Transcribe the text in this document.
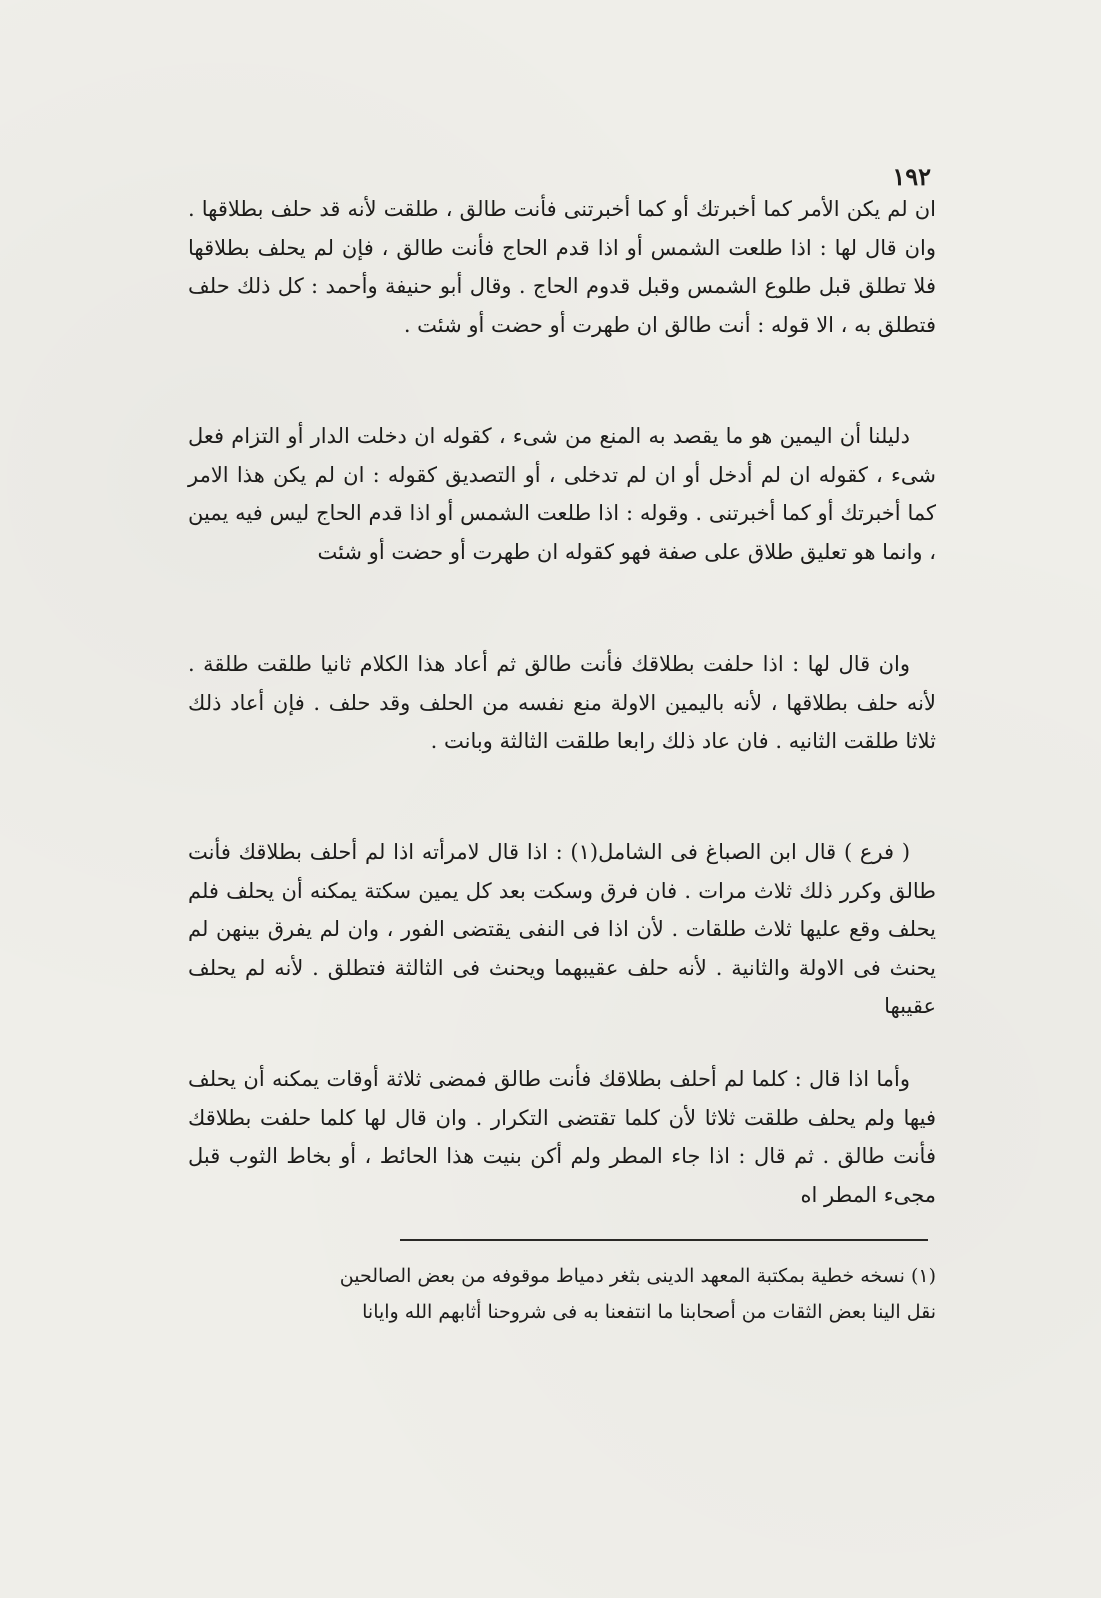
١٩٢

ان لم يكن الأمر كما أخبرتك أو كما أخبرتنى فأنت طالق ، طلقت لأنه قد حلف بطلاقها . وان قال لها : اذا طلعت الشمس أو اذا قدم الحاج فأنت طالق ، فإن لم يحلف بطلاقها فلا تطلق قبل طلوع الشمس وقبل قدوم الحاج . وقال أبو حنيفة وأحمد : كل ذلك حلف فتطلق به ، الا قوله : أنت طالق ان طهرت أو حضت أو شئت .

دليلنا أن اليمين هو ما يقصد به المنع من شىء ، كقوله ان دخلت الدار أو التزام فعل شىء ، كقوله ان لم أدخل أو ان لم تدخلى ، أو التصديق كقوله : ان لم يكن هذا الامر كما أخبرتك أو كما أخبرتنى . وقوله : اذا طلعت الشمس أو اذا قدم الحاج ليس فيه يمين ، وانما هو تعليق طلاق على صفة فهو كقوله ان طهرت أو حضت أو شئت

وان قال لها : اذا حلفت بطلاقك فأنت طالق ثم أعاد هذا الكلام ثانيا طلقت طلقة . لأنه حلف بطلاقها ، لأنه باليمين الاولة منع نفسه من الحلف وقد حلف . فإن أعاد ذلك ثلاثا طلقت الثانيه . فان عاد ذلك رابعا طلقت الثالثة وبانت .

( فرع ) قال ابن الصباغ فى الشامل(١) : اذا قال لامرأته اذا لم أحلف بطلاقك فأنت طالق وكرر ذلك ثلاث مرات . فان فرق وسكت بعد كل يمين سكتة يمكنه أن يحلف فلم يحلف وقع عليها ثلاث طلقات . لأن اذا فى النفى يقتضى الفور ، وان لم يفرق بينهن لم يحنث فى الاولة والثانية . لأنه حلف عقيبهما ويحنث فى الثالثة فتطلق . لأنه لم يحلف عقيبها

وأما اذا قال : كلما لم أحلف بطلاقك فأنت طالق فمضى ثلاثة أوقات يمكنه أن يحلف فيها ولم يحلف طلقت ثلاثا لأن كلما تقتضى التكرار . وان قال لها كلما حلفت بطلاقك فأنت طالق . ثم قال : اذا جاء المطر ولم أكن بنيت هذا الحائط ، أو بخاط الثوب قبل مجىء المطر اه

(١) نسخه خطية بمكتبة المعهد الدينى بثغر دمياط موقوفه من بعض الصالحين

نقل الينا بعض الثقات من أصحابنا ما انتفعنا به فى شروحنا أثابهم الله وايانا
